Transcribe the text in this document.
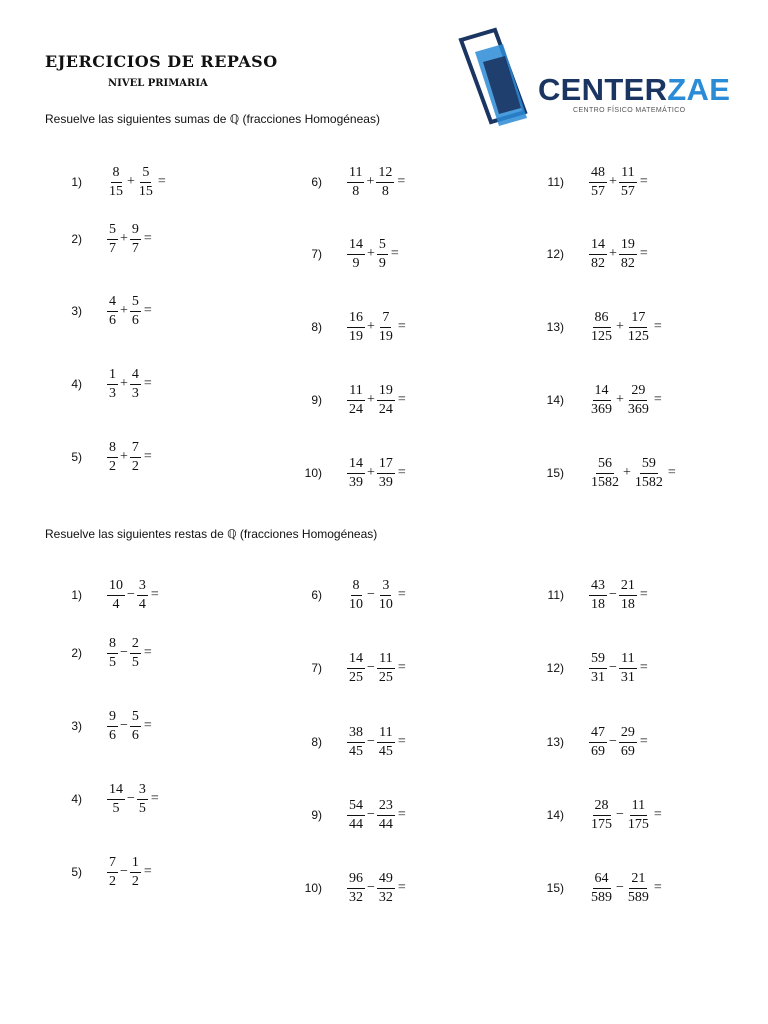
EJERCICIOS DE REPASO
NIVEL PRIMARIA	CENTERZAE
CENTRO FÍSICO MATEMÁTICO
Resuelve las siguientes sumas de ℚ (fracciones Homogéneas)
$1) \frac{8}{15} + \frac{5}{15}$ =
$2) \frac{5}{7} + \frac{9}{7}$ =
$3) \frac{4}{6} + \frac{5}{6}$ =
$4) \frac{1}{3} + \frac{4}{3}$ =
$5) \frac{8}{2} + \frac{7}{2}$ =
$6) \frac{11}{8} + \frac{12}{8}$ =
$7) \frac{14}{9} + \frac{5}{9}$ =
$8) \frac{16}{19} + \frac{7}{19}$ =
$9) \frac{11}{24} + \frac{19}{24}$ =
$10) \frac{14}{39} + \frac{17}{39}$ =
$11) \frac{48}{57} + \frac{11}{57}$ =
$12) \frac{14}{82} + \frac{19}{82}$ =
$13) \frac{86}{125} + \frac{17}{125}$ =
$14) \frac{14}{369} + \frac{29}{369}$ =
$15) \frac{56}{1582} + \frac{59}{1582}$ =
Resuelve las siguientes restas de ℚ (fracciones Homogéneas)
$1) \frac{10}{4} - \frac{3}{4}$ =
$2) \frac{8}{5} - \frac{2}{5}$ =
$3) \frac{9}{6} - \frac{5}{6}$ =
$4) \frac{14}{5} - \frac{3}{5}$ =
$5) \frac{7}{2} - \frac{1}{2}$ =
$6) \frac{8}{10} - \frac{3}{10}$ =
$7) \frac{14}{25} - \frac{11}{25}$ =
$8) \frac{38}{45} - \frac{11}{45}$ =
$9) \frac{54}{44} - \frac{23}{44}$ =
$10) \frac{96}{32} - \frac{49}{32}$ =
$11) \frac{43}{18} - \frac{21}{18}$ =
$12) \frac{59}{31} - \frac{11}{31}$ =
$13) \frac{47}{69} - \frac{29}{69}$ =
$14) \frac{28}{175} - \frac{11}{175}$ =
$15) \frac{64}{589} - \frac{21}{589}$ =
